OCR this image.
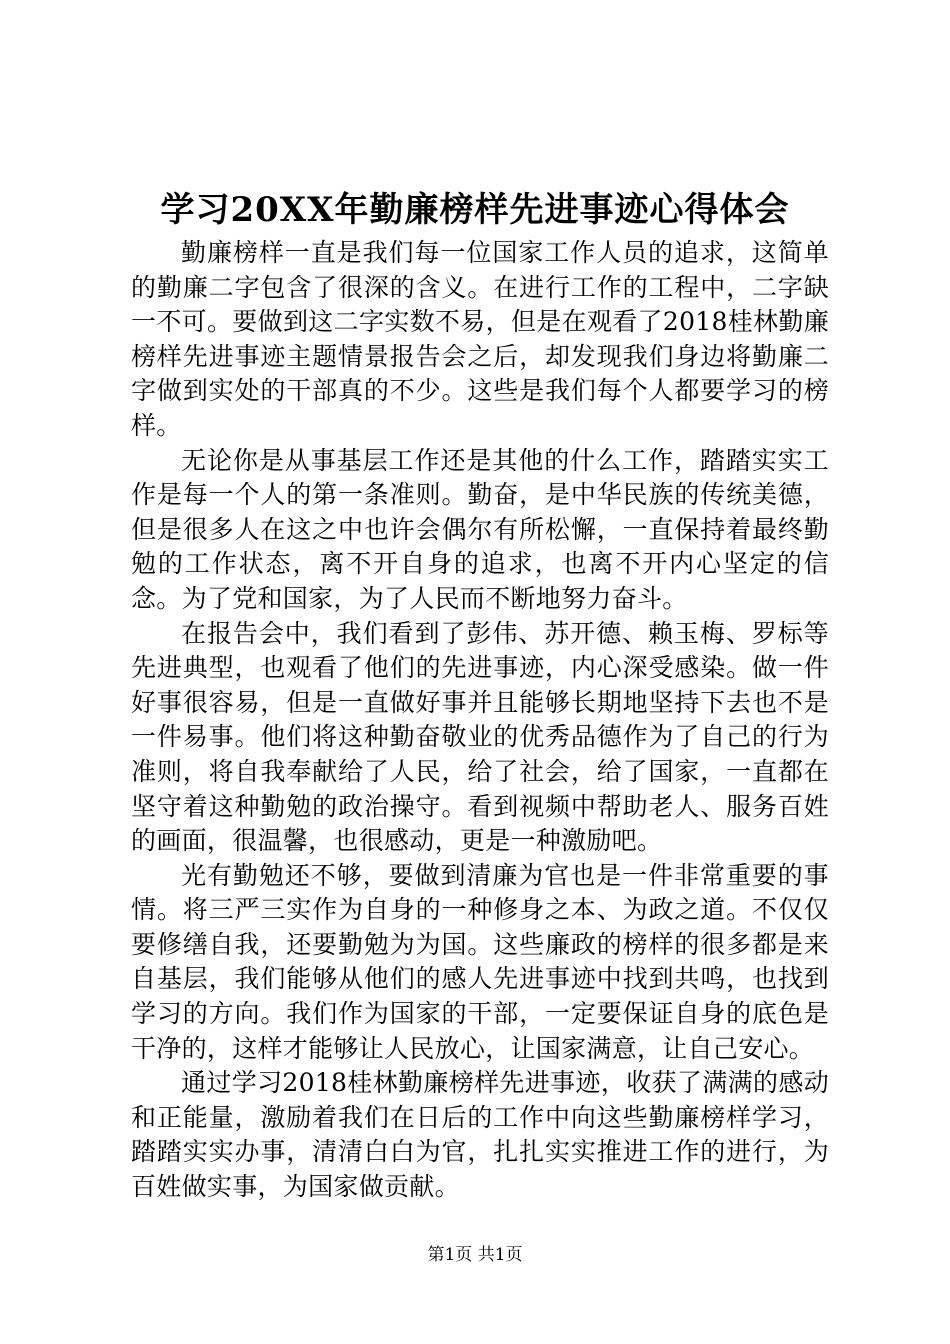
学习20XX年勤廉榜样先进事迹心得体会

勤廉榜样一直是我们每一位国家工作人员的追求，这简单的勤廉二字包含了很深的含义。在进行工作的工程中，二字缺一不可。要做到这二字实数不易，但是在观看了2018桂林勤廉榜样先进事迹主题情景报告会之后，却发现我们身边将勤廉二字做到实处的干部真的不少。这些是我们每个人都要学习的榜样。

无论你是从事基层工作还是其他的什么工作，踏踏实实工作是每一个人的第一条准则。勤奋，是中华民族的传统美德，但是很多人在这之中也许会偶尔有所松懈，一直保持着最终勤勉的工作状态，离不开自身的追求，也离不开内心坚定的信念。为了党和国家，为了人民而不断地努力奋斗。

在报告会中，我们看到了彭伟、苏开德、赖玉梅、罗标等先进典型，也观看了他们的先进事迹，内心深受感染。做一件好事很容易，但是一直做好事并且能够长期地坚持下去也不是一件易事。他们将这种勤奋敬业的优秀品德作为了自己的行为准则，将自我奉献给了人民，给了社会，给了国家，一直都在坚守着这种勤勉的政治操守。看到视频中帮助老人、服务百姓的画面，很温馨，也很感动，更是一种激励吧。

光有勤勉还不够，要做到清廉为官也是一件非常重要的事情。将三严三实作为自身的一种修身之本、为政之道。不仅仅要修缮自我，还要勤勉为为国。这些廉政的榜样的很多都是来自基层，我们能够从他们的感人先进事迹中找到共鸣，也找到学习的方向。我们作为国家的干部，一定要保证自身的底色是干净的，这样才能够让人民放心，让国家满意，让自己安心。

通过学习2018桂林勤廉榜样先进事迹，收获了满满的感动和正能量，激励着我们在日后的工作中向这些勤廉榜样学习，踏踏实实办事，清清白白为官，扎扎实实推进工作的进行，为百姓做实事，为国家做贡献。

第1页 共1页
